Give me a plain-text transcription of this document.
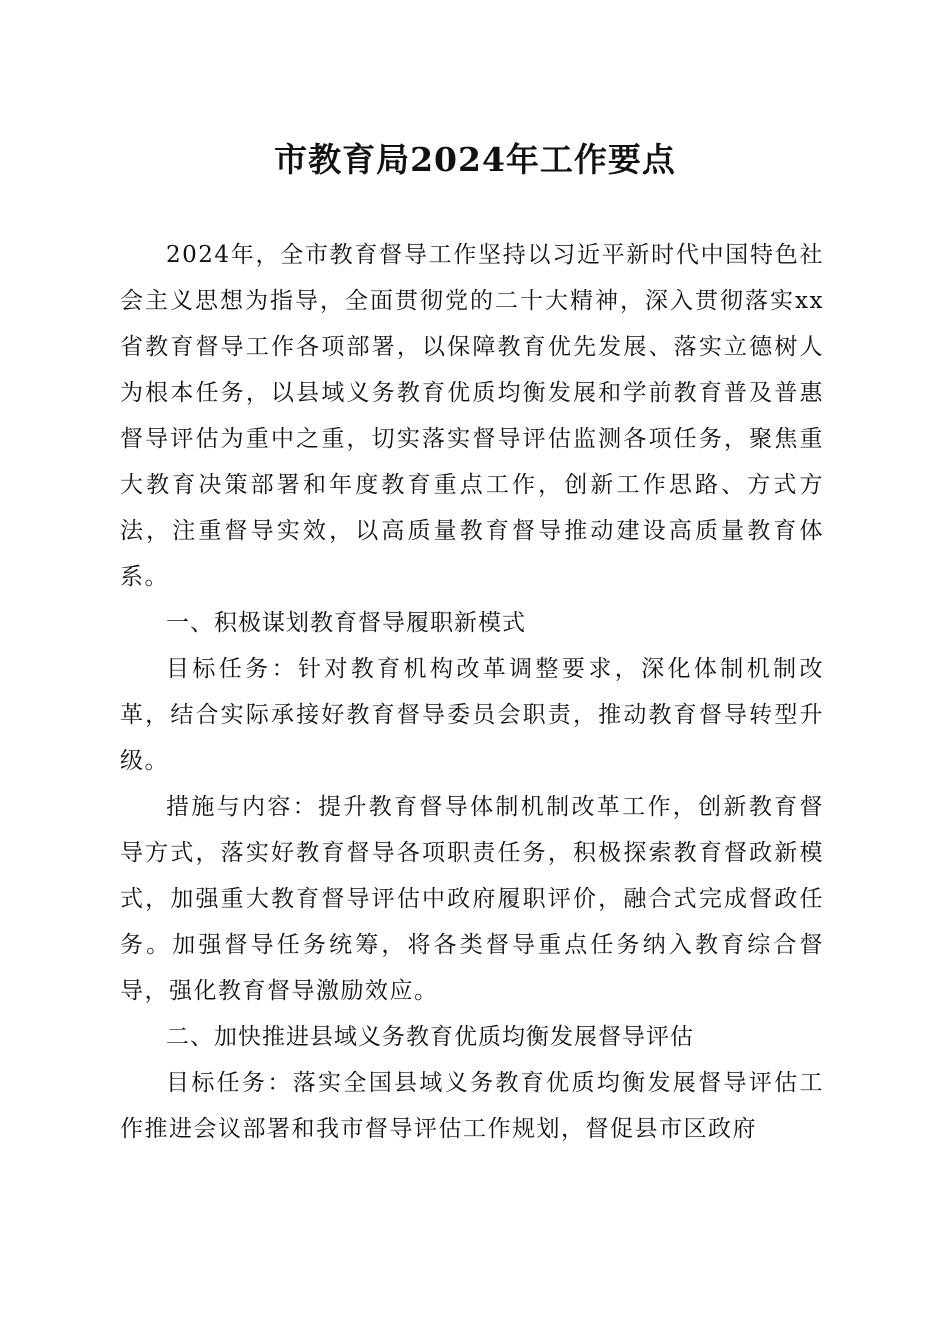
市教育局2024年工作要点

2024年，全市教育督导工作坚持以习近平新时代中国特色社会主义思想为指导，全面贯彻党的二十大精神，深入贯彻落实xx省教育督导工作各项部署，以保障教育优先发展、落实立德树人为根本任务，以县域义务教育优质均衡发展和学前教育普及普惠督导评估为重中之重，切实落实督导评估监测各项任务，聚焦重大教育决策部署和年度教育重点工作，创新工作思路、方式方法，注重督导实效，以高质量教育督导推动建设高质量教育体系。

一、积极谋划教育督导履职新模式

目标任务：针对教育机构改革调整要求，深化体制机制改革，结合实际承接好教育督导委员会职责，推动教育督导转型升级。

措施与内容：提升教育督导体制机制改革工作，创新教育督导方式，落实好教育督导各项职责任务，积极探索教育督政新模式，加强重大教育督导评估中政府履职评价，融合式完成督政任务。加强督导任务统筹，将各类督导重点任务纳入教育综合督导，强化教育督导激励效应。

二、加快推进县域义务教育优质均衡发展督导评估

目标任务：落实全国县域义务教育优质均衡发展督导评估工作推进会议部署和我市督导评估工作规划，督促县市区政府
